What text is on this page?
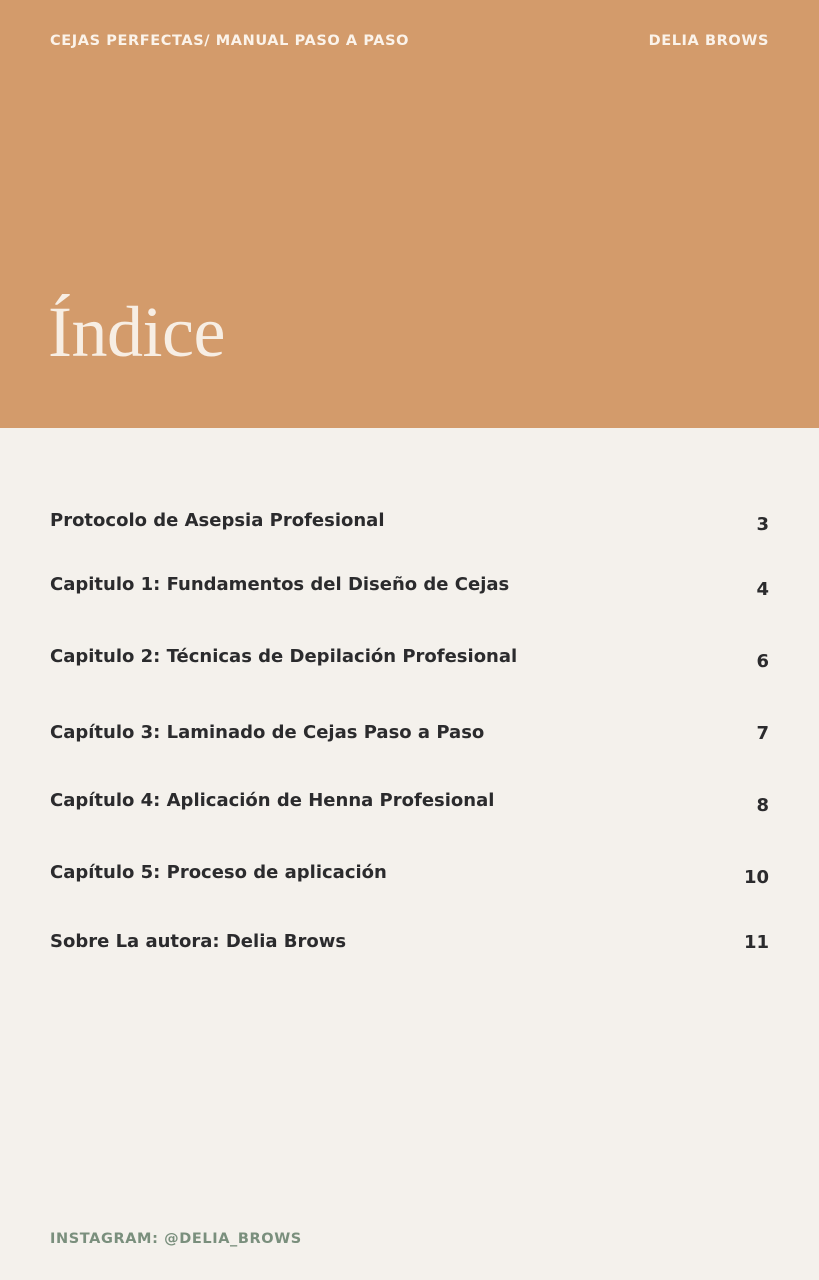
CEJAS PERFECTAS/ MANUAL PASO A PASO	DELIA BROWS
Índice
Protocolo de Asepsia Profesional	3
Capitulo 1: Fundamentos del Diseño de Cejas	4
Capitulo 2: Técnicas de Depilación Profesional	6
Capítulo 3: Laminado de Cejas Paso a Paso	7
Capítulo 4: Aplicación de Henna Profesional	8
Capítulo 5: Proceso de aplicación	10
Sobre La autora: Delia Brows	11
INSTAGRAM: @DELIA_BROWS
